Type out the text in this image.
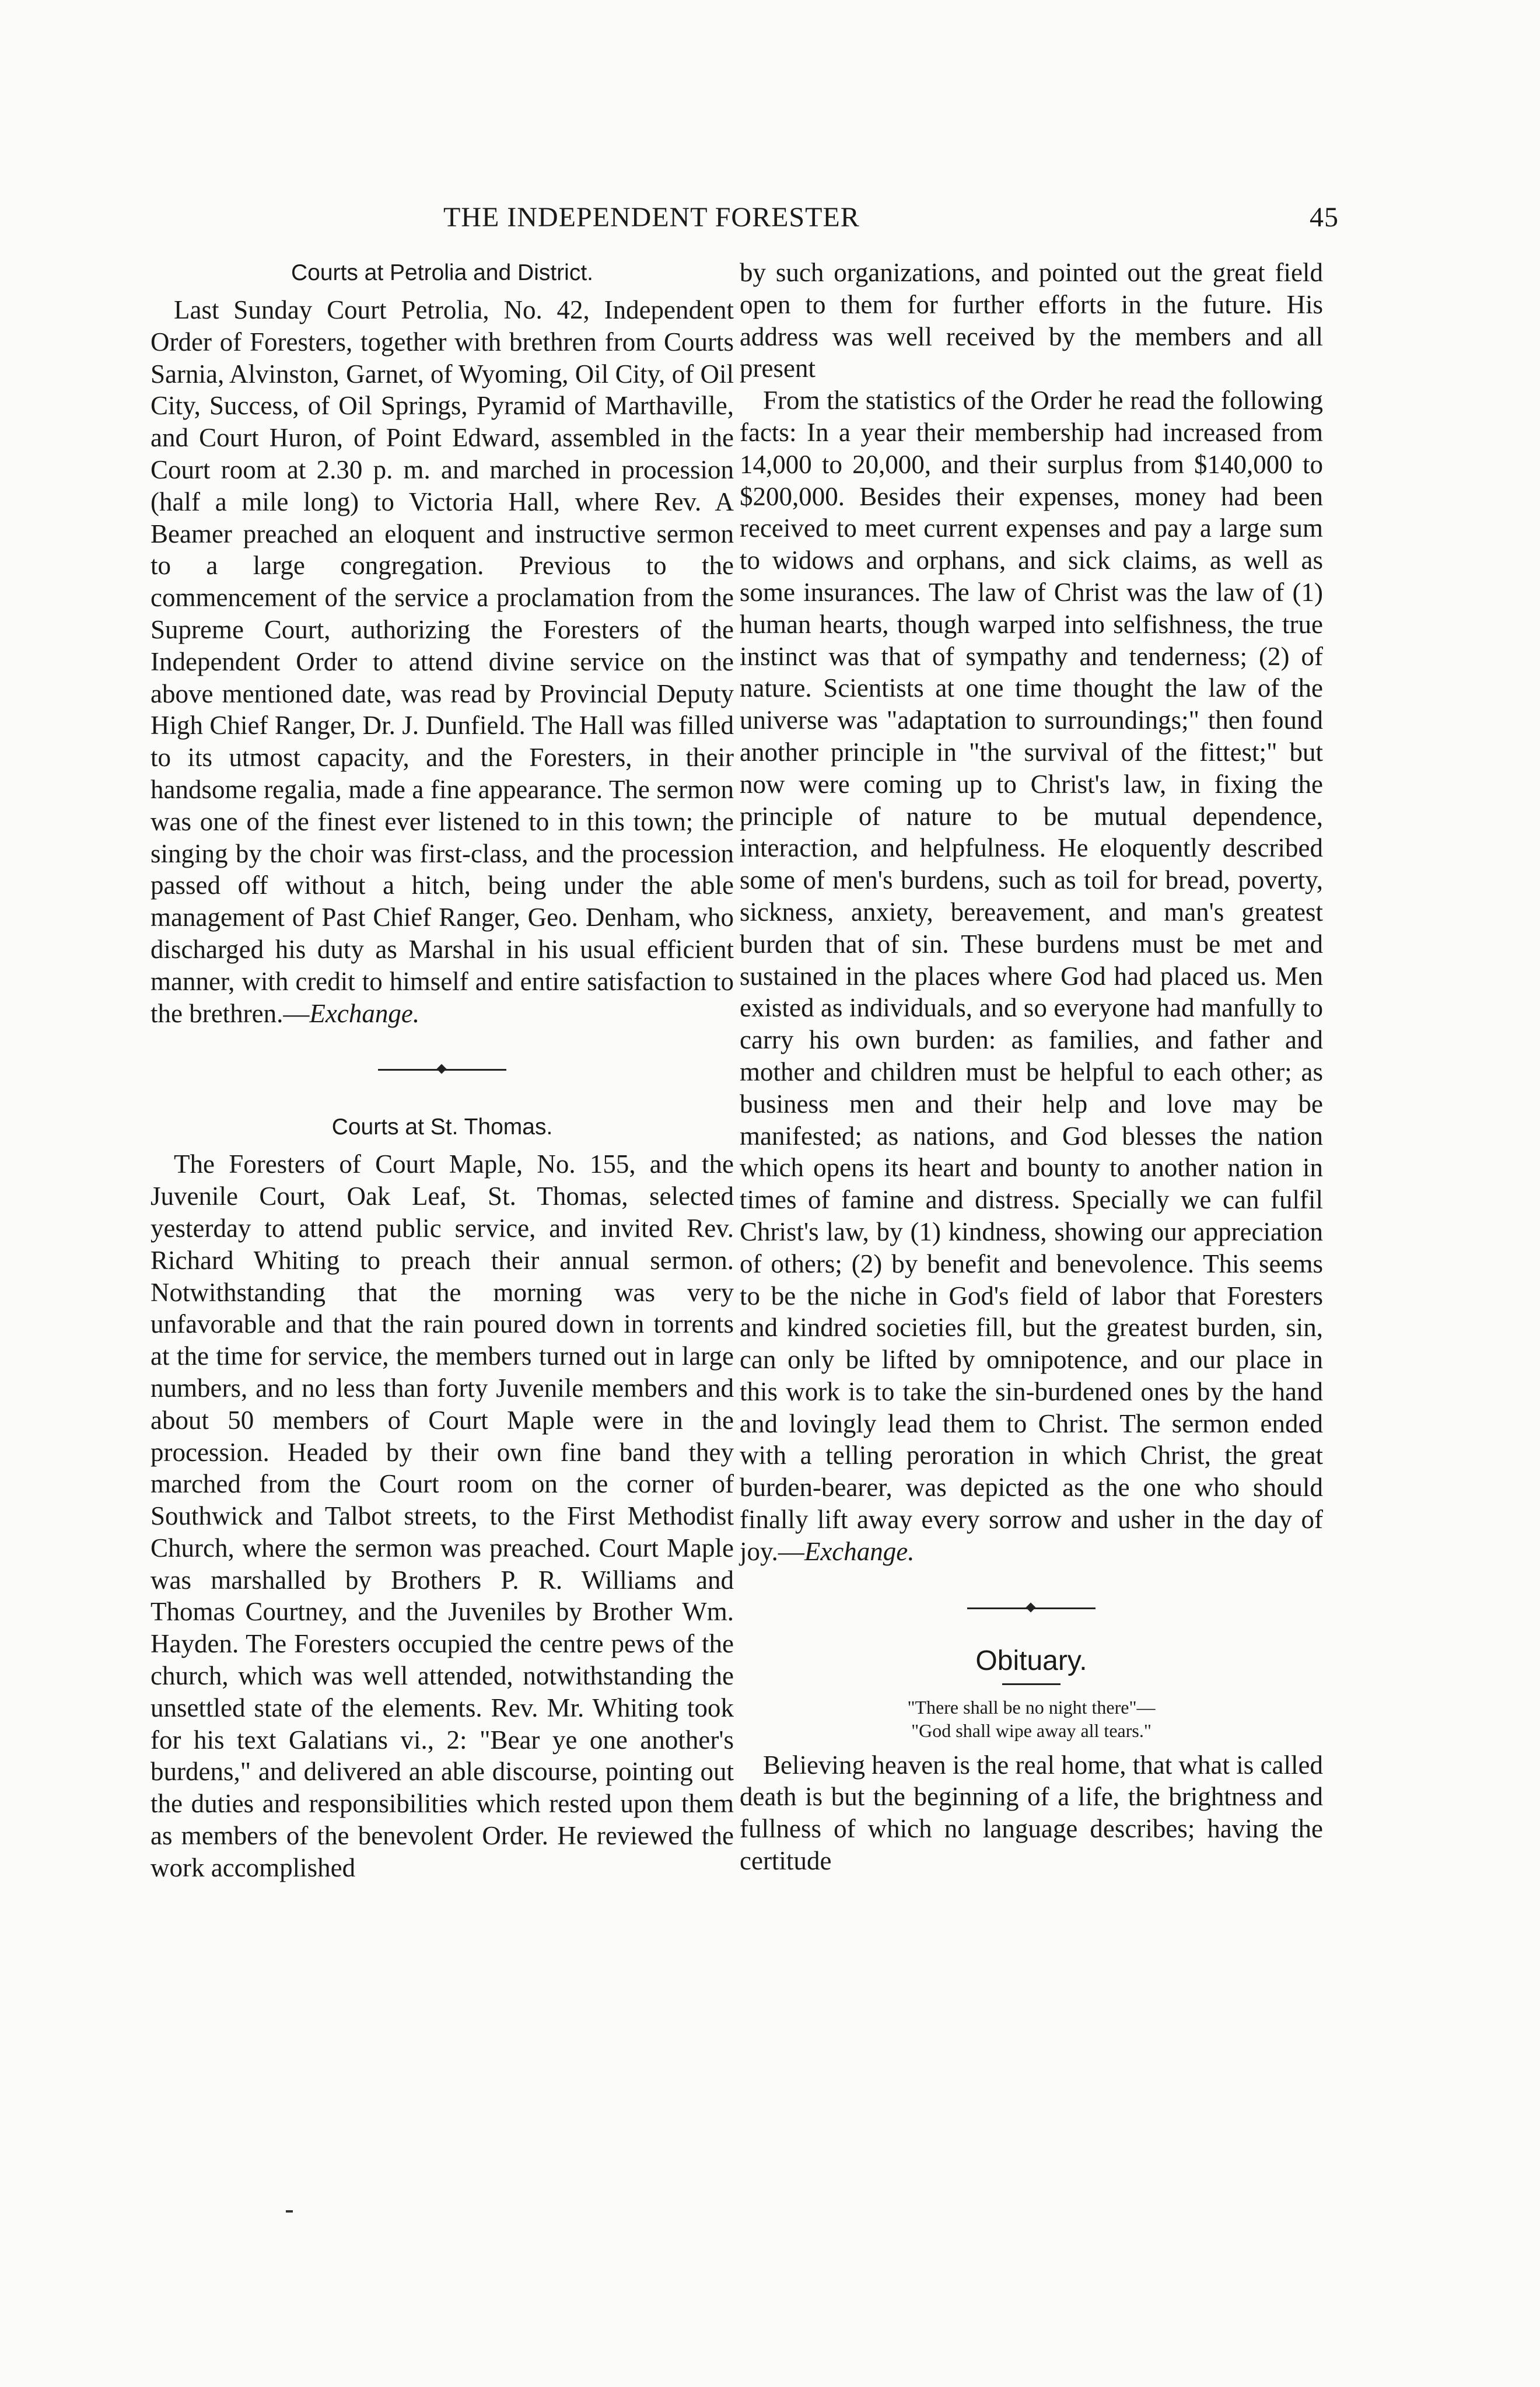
THE INDEPENDENT FORESTER	45
Courts at Petrolia and District.

Last Sunday Court Petrolia, No. 42, Independent Order of Foresters, together with brethren from Courts Sarnia, Alvinston, Garnet, of Wyoming, Oil City, of Oil City, Success, of Oil Springs, Pyramid of Marthaville, and Court Huron, of Point Edward, assembled in the Court room at 2.30 p. m. and marched in procession (half a mile long) to Victoria Hall, where Rev. A Beamer preached an eloquent and instructive sermon to a large congregation. Previous to the commencement of the service a proclamation from the Supreme Court, authorizing the Foresters of the Independent Order to attend divine service on the above mentioned date, was read by Provincial Deputy High Chief Ranger, Dr. J. Dunfield. The Hall was filled to its utmost capacity, and the Foresters, in their handsome regalia, made a fine appearance. The sermon was one of the finest ever listened to in this town; the singing by the choir was first-class, and the procession passed off without a hitch, being under the able management of Past Chief Ranger, Geo. Denham, who discharged his duty as Marshal in his usual efficient manner, with credit to himself and entire satisfaction to the brethren.—Exchange.

Courts at St. Thomas.

The Foresters of Court Maple, No. 155, and the Juvenile Court, Oak Leaf, St. Thomas, selected yesterday to attend public service, and invited Rev. Richard Whiting to preach their annual sermon. Notwithstanding that the morning was very unfavorable and that the rain poured down in torrents at the time for service, the members turned out in large numbers, and no less than forty Juvenile members and about 50 members of Court Maple were in the procession. Headed by their own fine band they marched from the Court room on the corner of Southwick and Talbot streets, to the First Methodist Church, where the sermon was preached. Court Maple was marshalled by Brothers P. R. Williams and Thomas Courtney, and the Juveniles by Brother Wm. Hayden. The Foresters occupied the centre pews of the church, which was well attended, notwithstanding the unsettled state of the elements. Rev. Mr. Whiting took for his text Galatians vi., 2: "Bear ye one another's burdens," and delivered an able discourse, pointing out the duties and responsibilities which rested upon them as members of the benevolent Order. He reviewed the work accomplished

by such organizations, and pointed out the great field open to them for further efforts in the future. His address was well received by the members and all present

From the statistics of the Order he read the following facts: In a year their membership had increased from 14,000 to 20,000, and their surplus from $140,000 to $200,000. Besides their expenses, money had been received to meet current expenses and pay a large sum to widows and orphans, and sick claims, as well as some insurances. The law of Christ was the law of (1) human hearts, though warped into selfishness, the true instinct was that of sympathy and tenderness; (2) of nature. Scientists at one time thought the law of the universe was "adaptation to surroundings;" then found another principle in "the survival of the fittest;" but now were coming up to Christ's law, in fixing the principle of nature to be mutual dependence, interaction, and helpfulness. He eloquently described some of men's burdens, such as toil for bread, poverty, sickness, anxiety, bereavement, and man's greatest burden that of sin. These burdens must be met and sustained in the places where God had placed us. Men existed as individuals, and so everyone had manfully to carry his own burden: as families, and father and mother and children must be helpful to each other; as business men and their help and love may be manifested; as nations, and God blesses the nation which opens its heart and bounty to another nation in times of famine and distress. Specially we can fulfil Christ's law, by (1) kindness, showing our appreciation of others; (2) by benefit and benevolence. This seems to be the niche in God's field of labor that Foresters and kindred societies fill, but the greatest burden, sin, can only be lifted by omnipotence, and our place in this work is to take the sin-burdened ones by the hand and lovingly lead them to Christ. The sermon ended with a telling peroration in which Christ, the great burden-bearer, was depicted as the one who should finally lift away every sorrow and usher in the day of joy.—Exchange.

Obituary.
"There shall be no night there"—
"God shall wipe away all tears."

Believing heaven is the real home, that what is called death is but the beginning of a life, the brightness and fullness of which no language describes; having the certitude
